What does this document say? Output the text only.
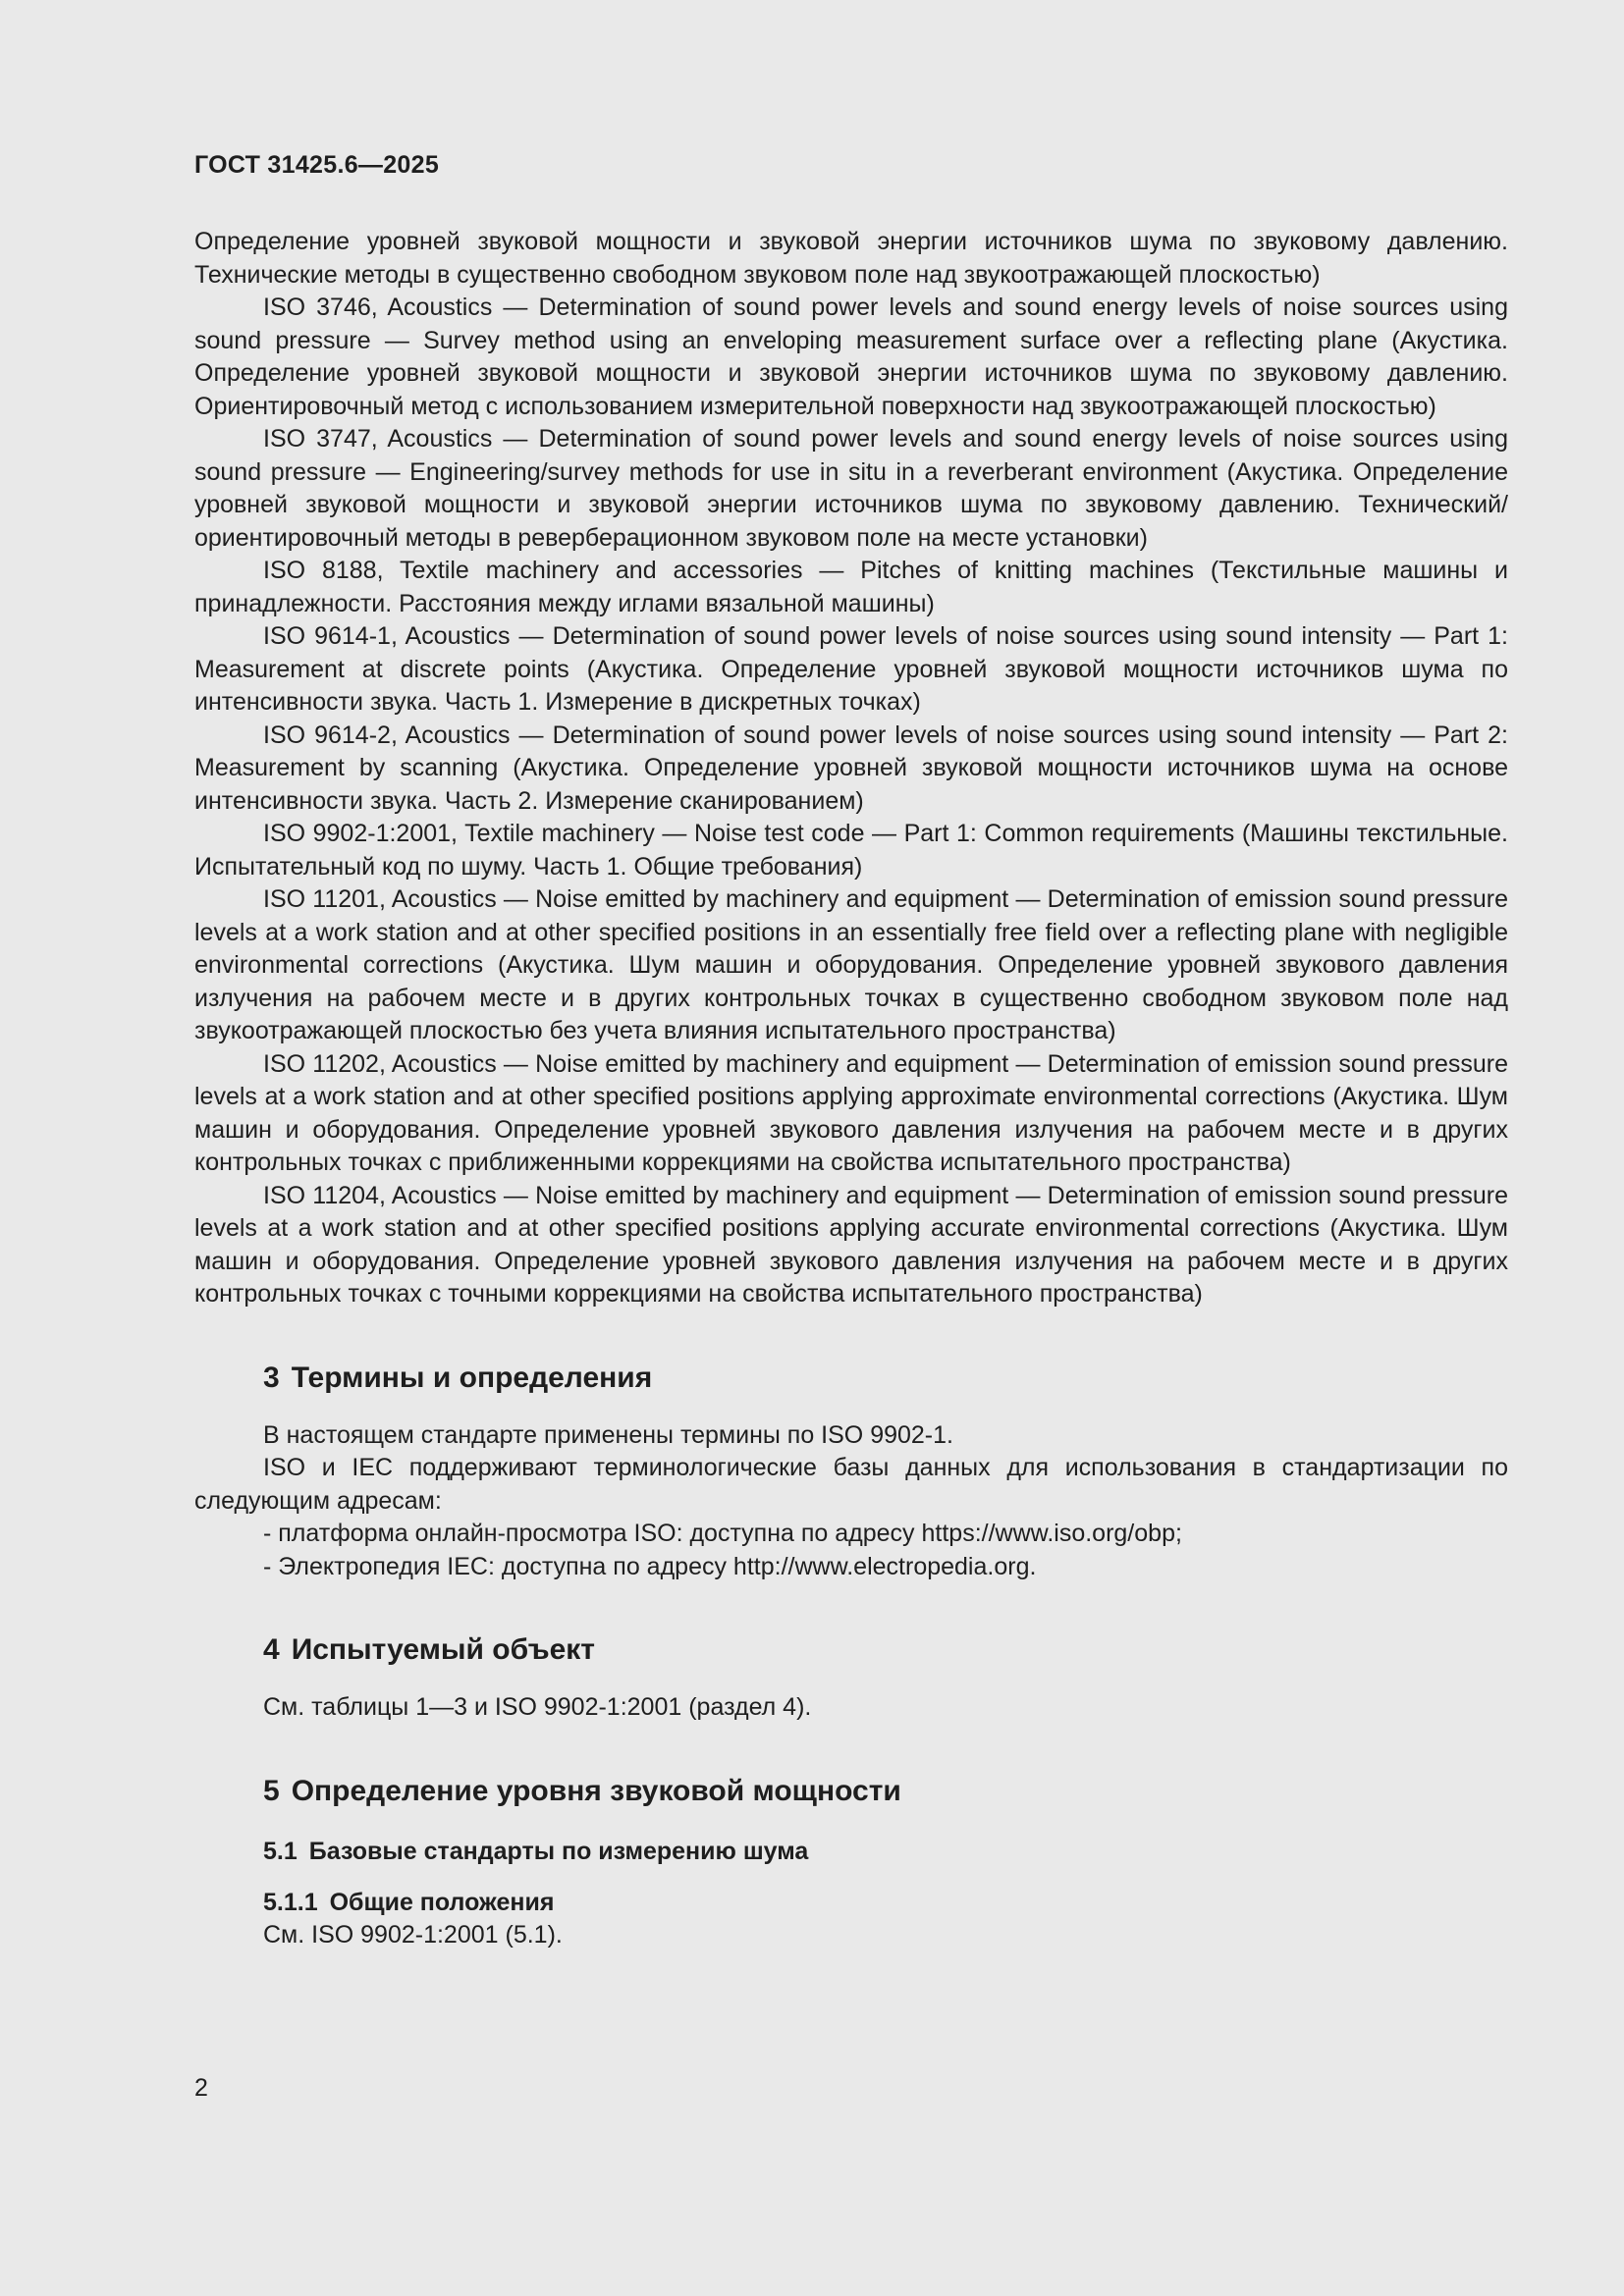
ГОСТ 31425.6—2025

Определение уровней звуковой мощности и звуковой энергии источников шума по звуковому давлению. Технические методы в существенно свободном звуковом поле над звукоотражающей плоскостью)

ISO 3746, Acoustics — Determination of sound power levels and sound energy levels of noise sources using sound pressure — Survey method using an enveloping measurement surface over a reflecting plane (Акустика. Определение уровней звуковой мощности и звуковой энергии источников шума по звуковому давлению. Ориентировочный метод с использованием измерительной поверхности над звукоотражающей плоскостью)

ISO 3747, Acoustics — Determination of sound power levels and sound energy levels of noise sources using sound pressure — Engineering/survey methods for use in situ in a reverberant environment (Акустика. Определение уровней звуковой мощности и звуковой энергии источников шума по звуковому давлению. Технический/ориентировочный методы в реверберационном звуковом поле на месте установки)

ISO 8188, Textile machinery and accessories — Pitches of knitting machines (Текстильные машины и принадлежности. Расстояния между иглами вязальной машины)

ISO 9614-1, Acoustics — Determination of sound power levels of noise sources using sound intensity — Part 1: Measurement at discrete points (Акустика. Определение уровней звуковой мощности источников шума по интенсивности звука. Часть 1. Измерение в дискретных точках)

ISO 9614-2, Acoustics — Determination of sound power levels of noise sources using sound intensity — Part 2: Measurement by scanning (Акустика. Определение уровней звуковой мощности источников шума на основе интенсивности звука. Часть 2. Измерение сканированием)

ISO 9902-1:2001, Textile machinery — Noise test code — Part 1: Common requirements (Машины текстильные. Испытательный код по шуму. Часть 1. Общие требования)

ISO 11201, Acoustics — Noise emitted by machinery and equipment — Determination of emission sound pressure levels at a work station and at other specified positions in an essentially free field over a reflecting plane with negligible environmental corrections (Акустика. Шум машин и оборудования. Определение уровней звукового давления излучения на рабочем месте и в других контрольных точках в существенно свободном звуковом поле над звукоотражающей плоскостью без учета влияния испытательного пространства)

ISO 11202, Acoustics — Noise emitted by machinery and equipment — Determination of emission sound pressure levels at a work station and at other specified positions applying approximate environmental corrections (Акустика. Шум машин и оборудования. Определение уровней звукового давления излучения на рабочем месте и в других контрольных точках с приближенными коррекциями на свойства испытательного пространства)

ISO 11204, Acoustics — Noise emitted by machinery and equipment — Determination of emission sound pressure levels at a work station and at other specified positions applying accurate environmental corrections (Акустика. Шум машин и оборудования. Определение уровней звукового давления излучения на рабочем месте и в других контрольных точках с точными коррекциями на свойства испытательного пространства)

3 Термины и определения

В настоящем стандарте применены термины по ISO 9902-1.

ISO и IEC поддерживают терминологические базы данных для использования в стандартизации по следующим адресам:

- платформа онлайн-просмотра ISO: доступна по адресу https://www.iso.org/obp;

- Электропедия IEC: доступна по адресу http://www.electropedia.org.

4 Испытуемый объект

См. таблицы 1—3 и ISO 9902-1:2001 (раздел 4).

5 Определение уровня звуковой мощности
5.1 Базовые стандарты по измерению шума
5.1.1 Общие положения

См. ISO 9902-1:2001 (5.1).

2
